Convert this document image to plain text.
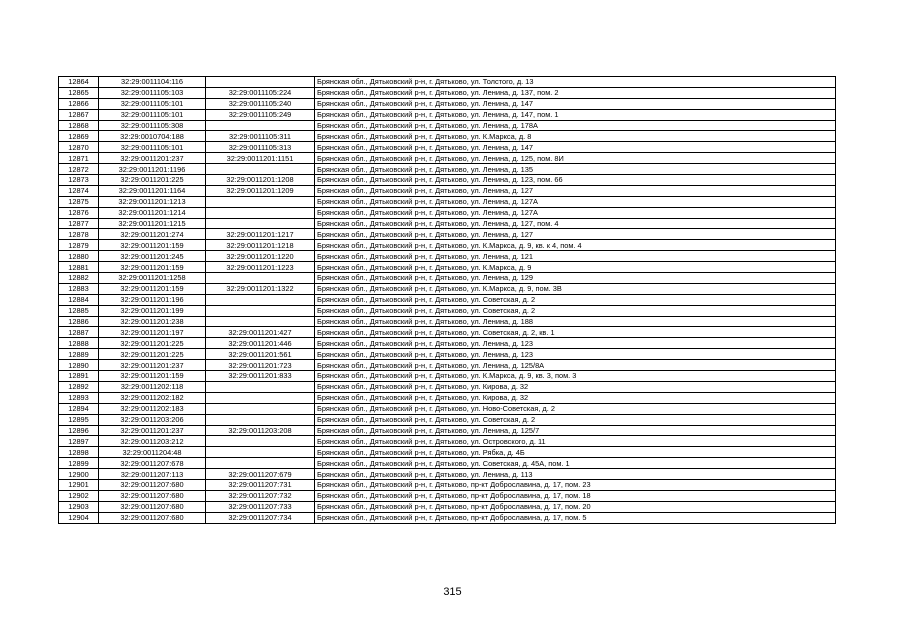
12864	32:29:0011104:116		Брянская обл., Дятьковский р-н, г. Дятьково, ул. Толстого, д. 13
12865	32:29:0011105:103	32:29:0011105:224	Брянская обл., Дятьковский р-н, г. Дятьково, ул. Ленина, д. 137, пом. 2
12866	32:29:0011105:101	32:29:0011105:240	Брянская обл., Дятьковский р-н, г. Дятьково, ул. Ленина, д. 147
12867	32:29:0011105:101	32:29:0011105:249	Брянская обл., Дятьковский р-н, г. Дятьково, ул. Ленина, д. 147, пом. 1
12868	32:29:0011105:308		Брянская обл., Дятьковский р-н, г. Дятьково, ул. Ленина, д. 178А
12869	32:29:0010704:188	32:29:0011105:311	Брянская обл., Дятьковский р-н, г. Дятьково, ул. К.Маркса, д. 8
12870	32:29:0011105:101	32:29:0011105:313	Брянская обл., Дятьковский р-н, г. Дятьково, ул. Ленина, д. 147
12871	32:29:0011201:237	32:29:0011201:1151	Брянская обл., Дятьковский р-н, г. Дятьково, ул. Ленина, д. 125, пом. 8И
12872	32:29:0011201:1196		Брянская обл., Дятьковский р-н, г. Дятьково, ул. Ленина, д. 135
12873	32:29:0011201:225	32:29:0011201:1208	Брянская обл., Дятьковский р-н, г. Дятьково, ул. Ленина, д. 123, пом. 66
12874	32:29:0011201:1164	32:29:0011201:1209	Брянская обл., Дятьковский р-н, г. Дятьково, ул. Ленина, д. 127
12875	32:29:0011201:1213		Брянская обл., Дятьковский р-н, г. Дятьково, ул. Ленина, д. 127А
12876	32:29:0011201:1214		Брянская обл., Дятьковский р-н, г. Дятьково, ул. Ленина, д. 127А
12877	32:29:0011201:1215		Брянская обл., Дятьковский р-н, г. Дятьково, ул. Ленина, д. 127, пом. 4
12878	32:29:0011201:274	32:29:0011201:1217	Брянская обл., Дятьковский р-н, г. Дятьково, ул. Ленина, д. 127
12879	32:29:0011201:159	32:29:0011201:1218	Брянская обл., Дятьковский р-н, г. Дятьково, ул. К.Маркса, д. 9, кв. к 4, пом. 4
12880	32:29:0011201:245	32:29:0011201:1220	Брянская обл., Дятьковский р-н, г. Дятьково, ул. Ленина, д. 121
12881	32:29:0011201:159	32:29:0011201:1223	Брянская обл., Дятьковский р-н, г. Дятьково, ул. К.Маркса, д. 9
12882	32:29:0011201:1258		Брянская обл., Дятьковский р-н, г. Дятьково, ул. Ленина, д. 129
12883	32:29:0011201:159	32:29:0011201:1322	Брянская обл., Дятьковский р-н, г. Дятьково, ул. К.Маркса, д. 9, пом. 3В
12884	32:29:0011201:196		Брянская обл., Дятьковский р-н, г. Дятьково, ул. Советская, д. 2
12885	32:29:0011201:199		Брянская обл., Дятьковский р-н, г. Дятьково, ул. Советская, д. 2
12886	32:29:0011201:238		Брянская обл., Дятьковский р-н, г. Дятьково, ул. Ленина, д. 188
12887	32:29:0011201:197	32:29:0011201:427	Брянская обл., Дятьковский р-н, г. Дятьково, ул. Советская, д. 2, кв. 1
12888	32:29:0011201:225	32:29:0011201:446	Брянская обл., Дятьковский р-н, г. Дятьково, ул. Ленина, д. 123
12889	32:29:0011201:225	32:29:0011201:561	Брянская обл., Дятьковский р-н, г. Дятьково, ул. Ленина, д. 123
12890	32:29:0011201:237	32:29:0011201:723	Брянская обл., Дятьковский р-н, г. Дятьково, ул. Ленина, д. 125/8А
12891	32:29:0011201:159	32:29:0011201:833	Брянская обл., Дятьковский р-н, г. Дятьково, ул. К.Маркса, д. 9, кв. 3, пом. 3
12892	32:29:0011202:118		Брянская обл., Дятьковский р-н, г. Дятьково, ул. Кирова, д. 32
12893	32:29:0011202:182		Брянская обл., Дятьковский р-н, г. Дятьково, ул. Кирова, д. 32
12894	32:29:0011202:183		Брянская обл., Дятьковский р-н, г. Дятьково, ул. Ново-Советская, д. 2
12895	32:29:0011203:206		Брянская обл., Дятьковский р-н, г. Дятьково, ул. Советская, д. 2
12896	32:29:0011201:237	32:29:0011203:208	Брянская обл., Дятьковский р-н, г. Дятьково, ул. Ленина, д. 125/7
12897	32:29:0011203:212		Брянская обл., Дятьковский р-н, г. Дятьково, ул. Островского, д. 11
12898	32:29:0011204:48		Брянская обл., Дятьковский р-н, г. Дятьково, ул. Рябка, д. 4Б
12899	32:29:0011207:678		Брянская обл., Дятьковский р-н, г. Дятьково, ул. Советская, д. 45А, пом. 1
12900	32:29:0011207:113	32:29:0011207:679	Брянская обл., Дятьковский р-н, г. Дятьково, ул. Ленина, д. 113
12901	32:29:0011207:680	32:29:0011207:731	Брянская обл., Дятьковский р-н, г. Дятьково, пр-кт Доброславина, д. 17, пом. 23
12902	32:29:0011207:680	32:29:0011207:732	Брянская обл., Дятьковский р-н, г. Дятьково, пр-кт Доброславина, д. 17, пом. 18
12903	32:29:0011207:680	32:29:0011207:733	Брянская обл., Дятьковский р-н, г. Дятьково, пр-кт Доброславина, д. 17, пом. 20
12904	32:29:0011207:680	32:29:0011207:734	Брянская обл., Дятьковский р-н, г. Дятьково, пр-кт Доброславина, д. 17, пом. 5
315
